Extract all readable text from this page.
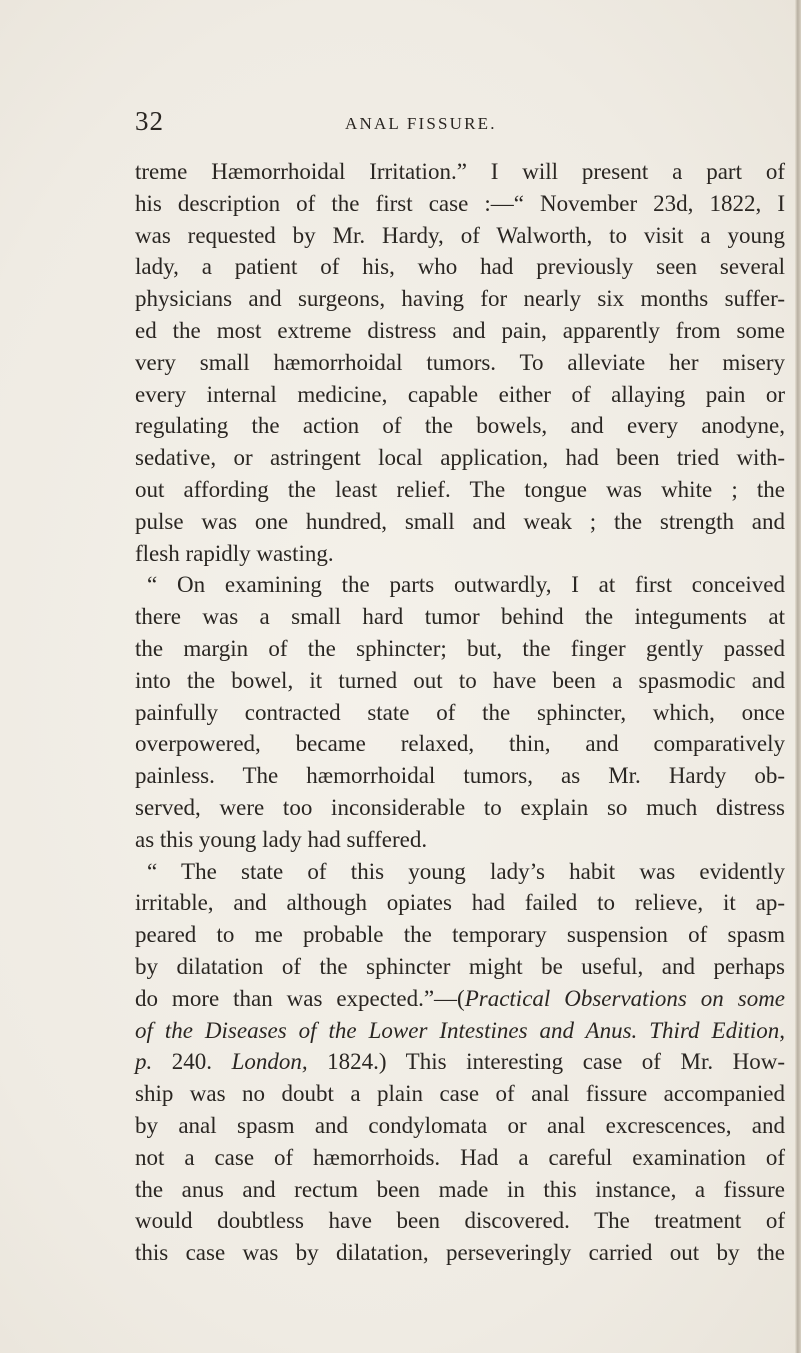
32	ANAL FISSURE.
treme Hæmorrhoidal Irritation.” I will present a part of
his description of the first case :—“ November 23d, 1822, I
was requested by Mr. Hardy, of Walworth, to visit a young
lady, a patient of his, who had previously seen several
physicians and surgeons, having for nearly six months suffer-
ed the most extreme distress and pain, apparently from some
very small hæmorrhoidal tumors. To alleviate her misery
every internal medicine, capable either of allaying pain or
regulating the action of the bowels, and every anodyne,
sedative, or astringent local application, had been tried with-
out affording the least relief. The tongue was white ; the
pulse was one hundred, small and weak ; the strength and
flesh rapidly wasting.
“ On examining the parts outwardly, I at first conceived
there was a small hard tumor behind the integuments at
the margin of the sphincter; but, the finger gently passed
into the bowel, it turned out to have been a spasmodic and
painfully contracted state of the sphincter, which, once
overpowered, became relaxed, thin, and comparatively
painless. The hæmorrhoidal tumors, as Mr. Hardy ob-
served, were too inconsiderable to explain so much distress
as this young lady had suffered.
“ The state of this young lady’s habit was evidently
irritable, and although opiates had failed to relieve, it ap-
peared to me probable the temporary suspension of spasm
by dilatation of the sphincter might be useful, and perhaps
do more than was expected.”—(Practical Observations on some
of the Diseases of the Lower Intestines and Anus. Third Edition,
p. 240. London, 1824.) This interesting case of Mr. How-
ship was no doubt a plain case of anal fissure accompanied
by anal spasm and condylomata or anal excrescences, and
not a case of hæmorrhoids. Had a careful examination of
the anus and rectum been made in this instance, a fissure
would doubtless have been discovered. The treatment of
this case was by dilatation, perseveringly carried out by the
